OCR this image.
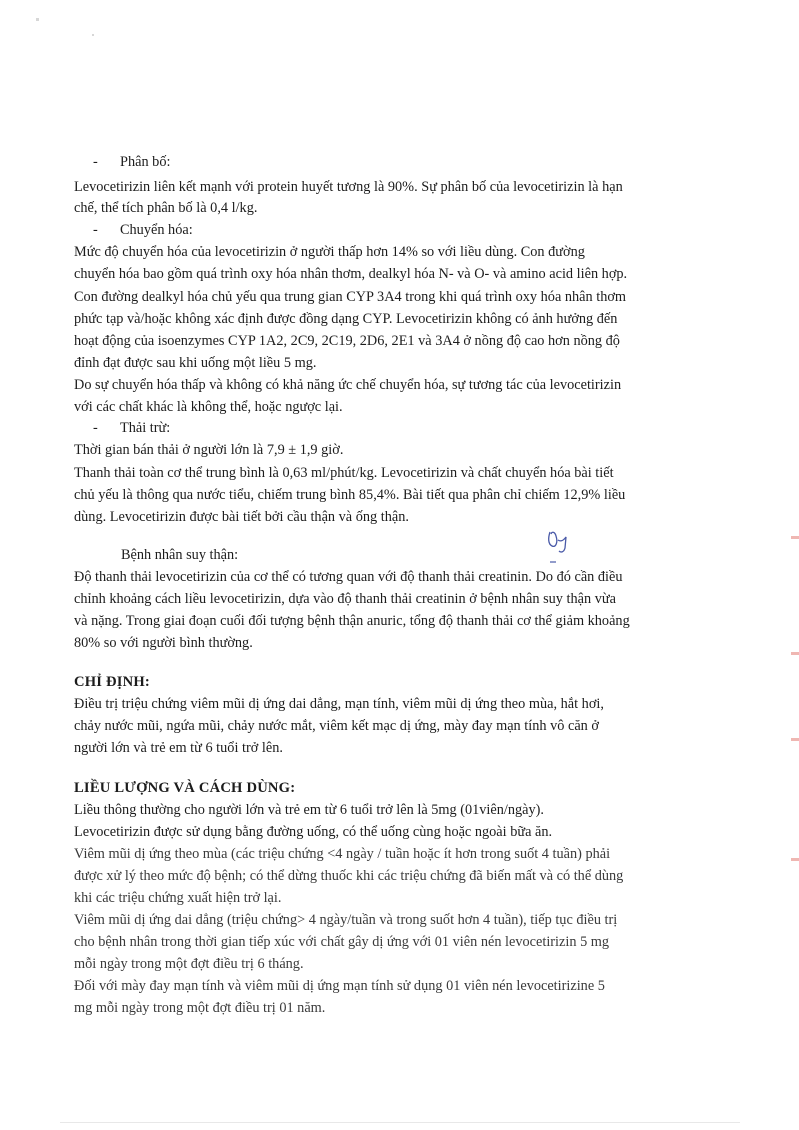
- Phân bố:
Levocetirizin liên kết mạnh với protein huyết tương là 90%. Sự phân bố của levocetirizin là hạn
chế, thể tích phân bố là 0,4 l/kg.
- Chuyển hóa:
Mức độ chuyển hóa của levocetirizin ở người thấp hơn 14% so với liều dùng. Con đường
chuyển hóa bao gồm quá trình oxy hóa nhân thơm, dealkyl hóa N- và O- và amino acid liên hợp.
Con đường dealkyl hóa chủ yếu qua trung gian CYP 3A4 trong khi quá trình oxy hóa nhân thơm
phức tạp và/hoặc không xác định được đồng dạng CYP. Levocetirizin không có ảnh hưởng đến
hoạt động của isoenzymes CYP 1A2, 2C9, 2C19, 2D6, 2E1 và 3A4 ở nồng độ cao hơn nồng độ
đỉnh đạt được sau khi uống một liều 5 mg.
Do sự chuyển hóa thấp và không có khả năng ức chế chuyển hóa, sự tương tác của levocetirizin
với các chất khác là không thể, hoặc ngược lại.
- Thải trừ:
Thời gian bán thải ở người lớn là 7,9 ± 1,9 giờ.
Thanh thải toàn cơ thể trung bình là 0,63 ml/phút/kg. Levocetirizin và chất chuyển hóa bài tiết
chủ yếu là thông qua nước tiểu, chiếm trung bình 85,4%. Bài tiết qua phân chỉ chiếm 12,9% liều
dùng. Levocetirizin được bài tiết bởi cầu thận và ống thận.
Bệnh nhân suy thận:
Độ thanh thải levocetirizin của cơ thể có tương quan với độ thanh thải creatinin. Do đó cần điều
chỉnh khoảng cách liều levocetirizin, dựa vào độ thanh thải creatinin ở bệnh nhân suy thận vừa
và nặng. Trong giai đoạn cuối đối tượng bệnh thận anuric, tổng độ thanh thải cơ thể giảm khoảng
80% so với người bình thường.
CHỈ ĐỊNH:
Điều trị triệu chứng viêm mũi dị ứng dai dẳng, mạn tính, viêm mũi dị ứng theo mùa, hắt hơi,
chảy nước mũi, ngứa mũi, chảy nước mắt, viêm kết mạc dị ứng, mày đay mạn tính vô căn ở
người lớn và trẻ em từ 6 tuổi trở lên.
LIỀU LƯỢNG VÀ CÁCH DÙNG:
Liều thông thường cho người lớn và trẻ em từ 6 tuổi trở lên là 5mg (01viên/ngày).
Levocetirizin được sử dụng bằng đường uống, có thể uống cùng hoặc ngoài bữa ăn.
Viêm mũi dị ứng theo mùa (các triệu chứng <4 ngày / tuần hoặc ít hơn trong suốt 4 tuần) phải
được xử lý theo mức độ bệnh; có thể dừng thuốc khi các triệu chứng đã biến mất và có thể dùng
khi các triệu chứng xuất hiện trở lại.
Viêm mũi dị ứng dai dẳng (triệu chứng> 4 ngày/tuần và trong suốt hơn 4 tuần), tiếp tục điều trị
cho bệnh nhân trong thời gian tiếp xúc với chất gây dị ứng với 01 viên nén levocetirizin 5 mg
mỗi ngày trong một đợt điều trị 6 tháng.
Đối với mày đay mạn tính và viêm mũi dị ứng mạn tính sử dụng 01 viên nén levocetirizine 5
mg mỗi ngày trong một đợt điều trị 01 năm.
